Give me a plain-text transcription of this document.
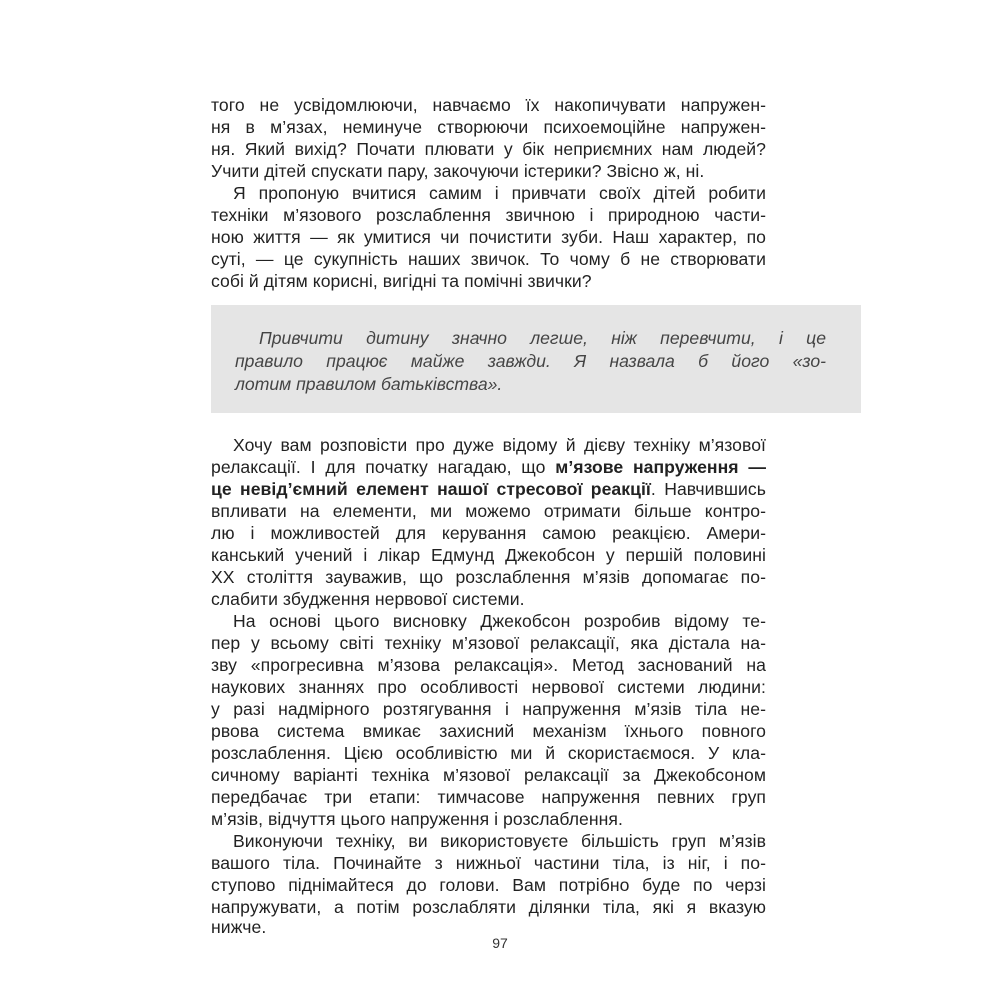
того не усвідомлюючи, навчаємо їх накопичувати напружен-
ня в м’язах, неминуче створюючи психоемоційне напружен-
ня. Який вихід? Почати плювати у бік неприємних нам людей?
Учити дітей спускати пару, закочуючи істерики? Звісно ж, ні.
Я пропоную вчитися самим і привчати своїх дітей робити
техніки м’язового розслаблення звичною і природною части-
ною життя — як умитися чи почистити зуби. Наш характер, по
суті, — це сукупність наших звичок. То чому б не створювати
собі й дітям корисні, вигідні та помічні звички?
Привчити дитину значно легше, ніж перевчити, і це
правило працює майже завжди. Я назвала б його «зо-
лотим правилом батьківства».
Хочу вам розповісти про дуже відому й дієву техніку м’язової
релаксації. І для початку нагадаю, що м’язове напруження —
це невід’ємний елемент нашої стресової реакції. Навчившись
впливати на елементи, ми можемо отримати більше контро-
лю і можливостей для керування самою реакцією. Амери-
канський учений і лікар Едмунд Джекобсон у першій половині
XX століття зауважив, що розслаблення м’язів допомагає по-
слабити збудження нервової системи.
На основі цього висновку Джекобсон розробив відому те-
пер у всьому світі техніку м’язової релаксації, яка дістала на-
зву «прогресивна м’язова релаксація». Метод заснований на
наукових знаннях про особливості нервової системи людини:
у разі надмірного розтягування і напруження м’язів тіла не-
рвова система вмикає захисний механізм їхнього повного
розслаблення. Цією особливістю ми й скористаємося. У кла-
сичному варіанті техніка м’язової релаксації за Джекобсоном
передбачає три етапи: тимчасове напруження певних груп
м’язів, відчуття цього напруження і розслаблення.
Виконуючи техніку, ви використовуєте більшість груп м’язів
вашого тіла. Починайте з нижньої частини тіла, із ніг, і по-
ступово піднімайтеся до голови. Вам потрібно буде по черзі
напружувати, а потім розслабляти ділянки тіла, які я вказую
нижче.
97
